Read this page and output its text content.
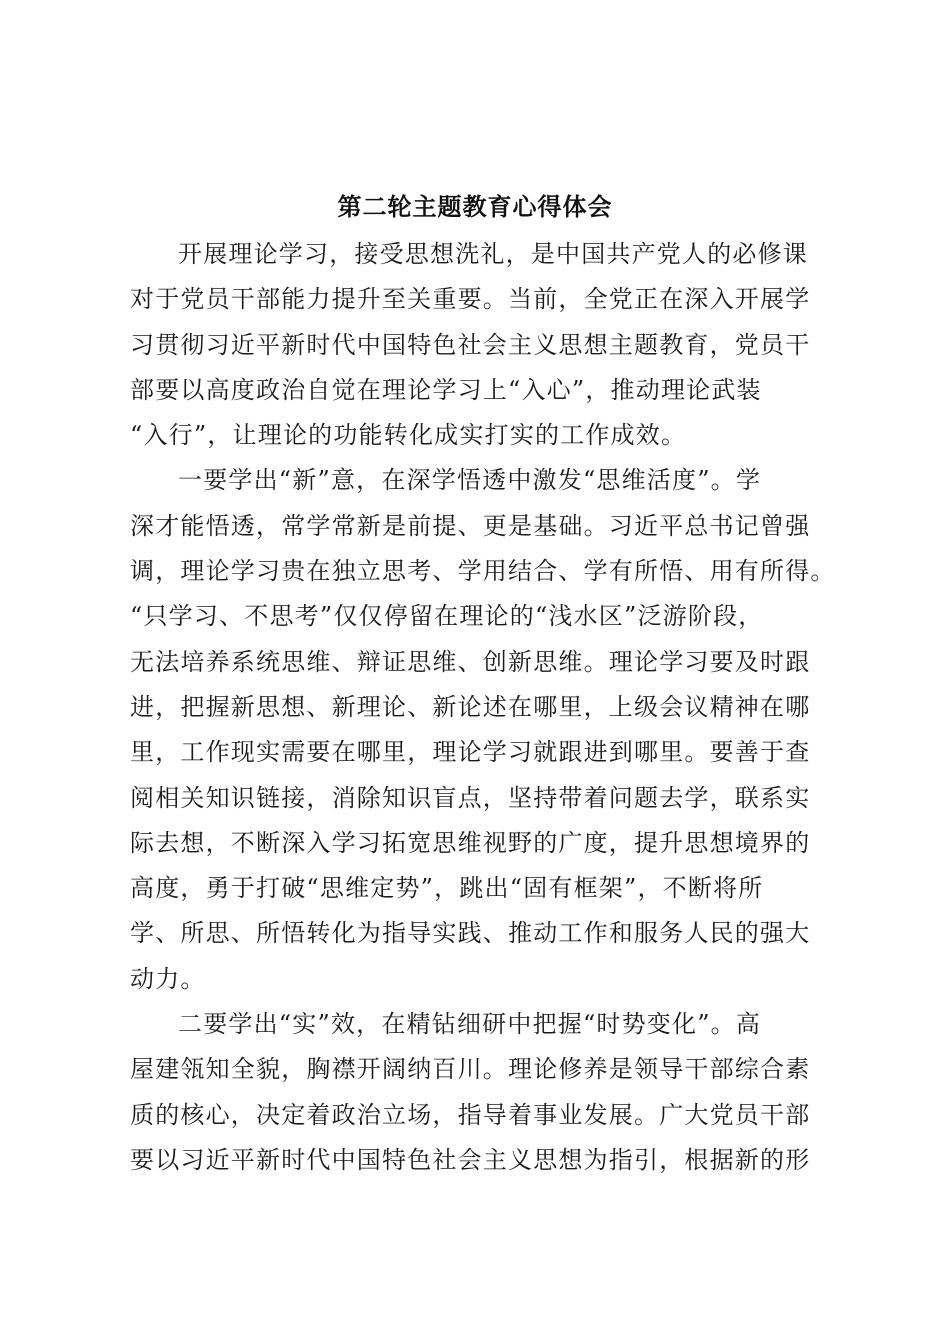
第二轮主题教育心得体会

开展理论学习，接受思想洗礼，是中国共产党人的必修课
对于党员干部能力提升至关重要。当前，全党正在深入开展学
习贯彻习近平新时代中国特色社会主义思想主题教育，党员干
部要以高度政治自觉在理论学习上“入心”，推动理论武装
“入行”，让理论的功能转化成实打实的工作成效。

一要学出“新”意，在深学悟透中激发“思维活度”。学
深才能悟透，常学常新是前提、更是基础。习近平总书记曾强
调，理论学习贵在独立思考、学用结合、学有所悟、用有所得。
“只学习、不思考”仅仅停留在理论的“浅水区”泛游阶段，
无法培养系统思维、辩证思维、创新思维。理论学习要及时跟
进，把握新思想、新理论、新论述在哪里，上级会议精神在哪
里，工作现实需要在哪里，理论学习就跟进到哪里。要善于查
阅相关知识链接，消除知识盲点，坚持带着问题去学，联系实
际去想，不断深入学习拓宽思维视野的广度，提升思想境界的
高度，勇于打破“思维定势”，跳出“固有框架”，不断将所
学、所思、所悟转化为指导实践、推动工作和服务人民的强大
动力。

二要学出“实”效，在精钻细研中把握“时势变化”。高
屋建瓴知全貌，胸襟开阔纳百川。理论修养是领导干部综合素
质的核心，决定着政治立场，指导着事业发展。广大党员干部
要以习近平新时代中国特色社会主义思想为指引，根据新的形
